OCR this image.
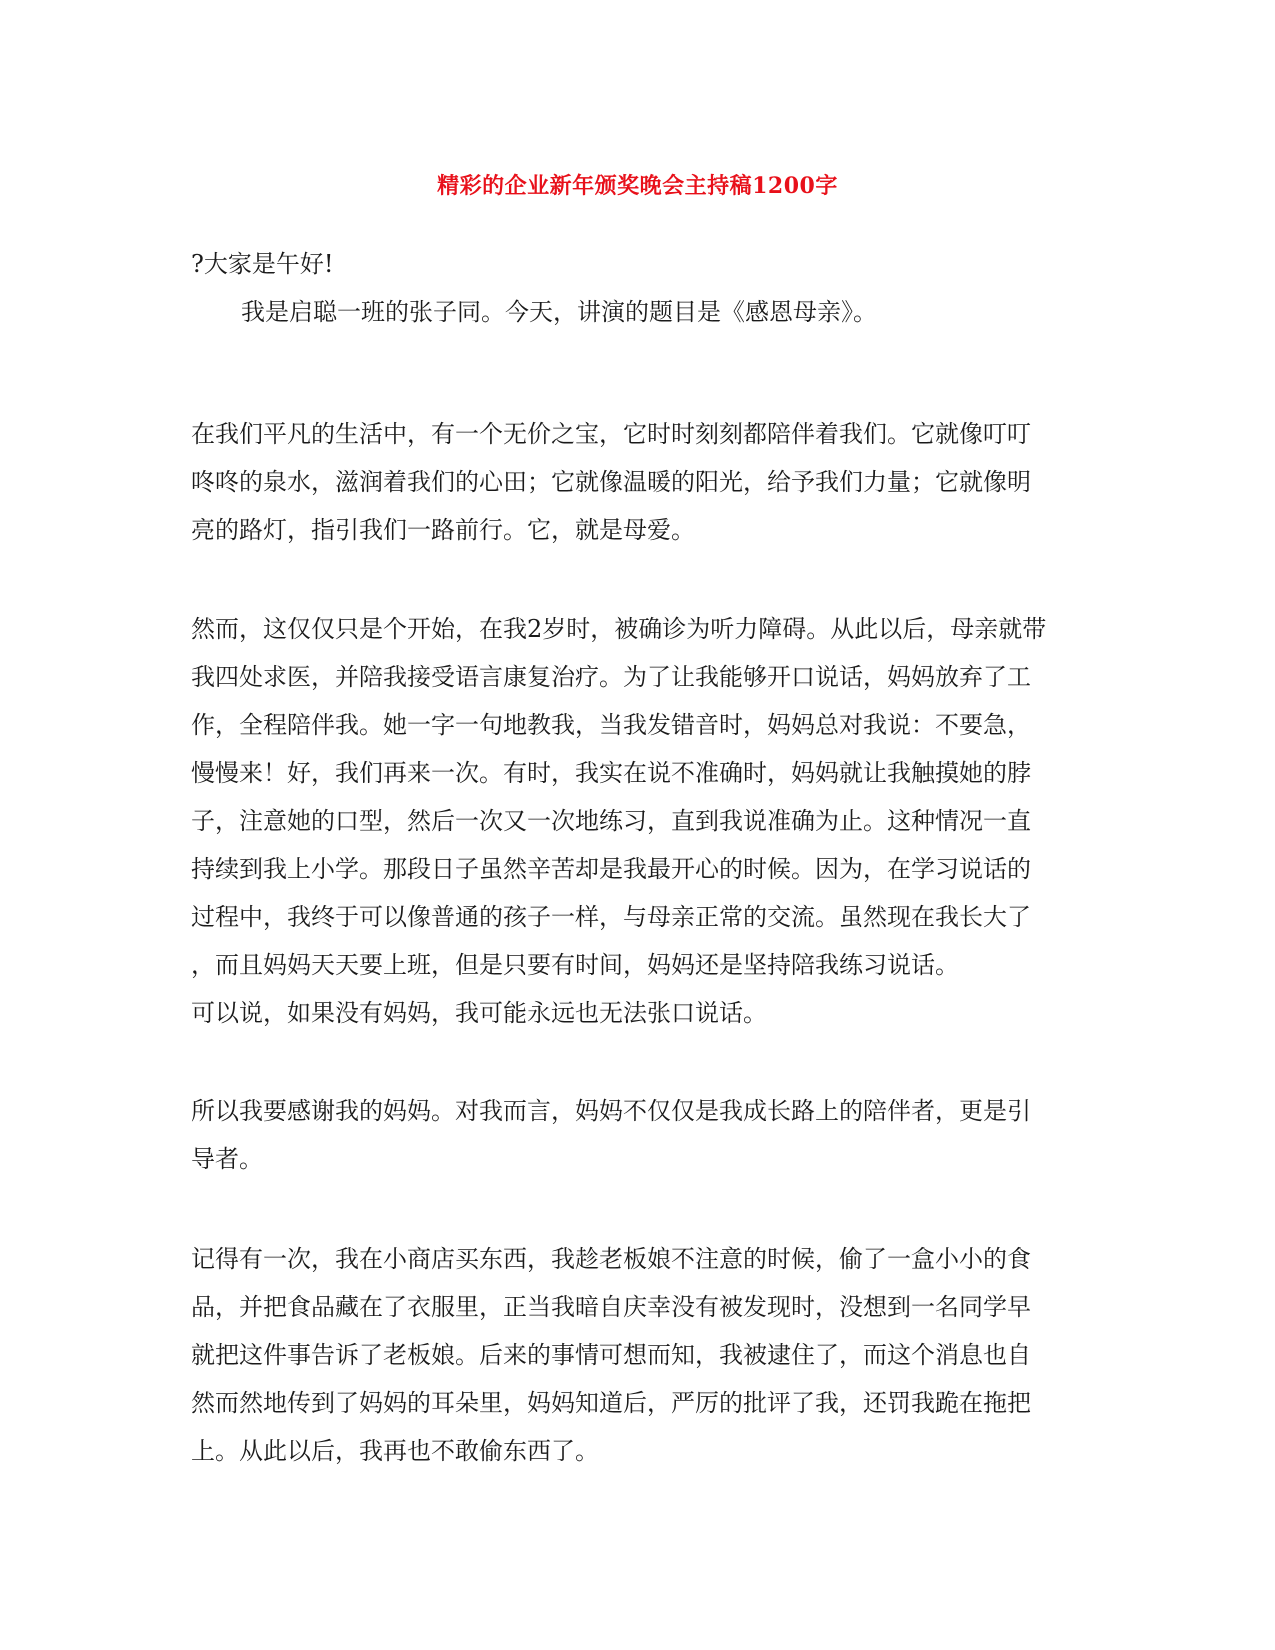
精彩的企业新年颁奖晚会主持稿1200字
?大家是午好!
我是启聪一班的张子同。今天，讲演的题目是《感恩母亲》。
在我们平凡的生活中，有一个无价之宝，它时时刻刻都陪伴着我们。它就像叮叮
咚咚的泉水，滋润着我们的心田；它就像温暖的阳光，给予我们力量；它就像明
亮的路灯，指引我们一路前行。它，就是母爱。
然而，这仅仅只是个开始，在我2岁时，被确诊为听力障碍。从此以后，母亲就带
我四处求医，并陪我接受语言康复治疗。为了让我能够开口说话，妈妈放弃了工
作，全程陪伴我。她一字一句地教我，当我发错音时，妈妈总对我说：不要急，
慢慢来！好，我们再来一次。有时，我实在说不准确时，妈妈就让我触摸她的脖
子，注意她的口型，然后一次又一次地练习，直到我说准确为止。这种情况一直
持续到我上小学。那段日子虽然辛苦却是我最开心的时候。因为，在学习说话的
过程中，我终于可以像普通的孩子一样，与母亲正常的交流。虽然现在我长大了
，而且妈妈天天要上班，但是只要有时间，妈妈还是坚持陪我练习说话。
可以说，如果没有妈妈，我可能永远也无法张口说话。
所以我要感谢我的妈妈。对我而言，妈妈不仅仅是我成长路上的陪伴者，更是引
导者。
记得有一次，我在小商店买东西，我趁老板娘不注意的时候，偷了一盒小小的食
品，并把食品藏在了衣服里，正当我暗自庆幸没有被发现时，没想到一名同学早
就把这件事告诉了老板娘。后来的事情可想而知，我被逮住了，而这个消息也自
然而然地传到了妈妈的耳朵里，妈妈知道后，严厉的批评了我，还罚我跪在拖把
上。从此以后，我再也不敢偷东西了。
